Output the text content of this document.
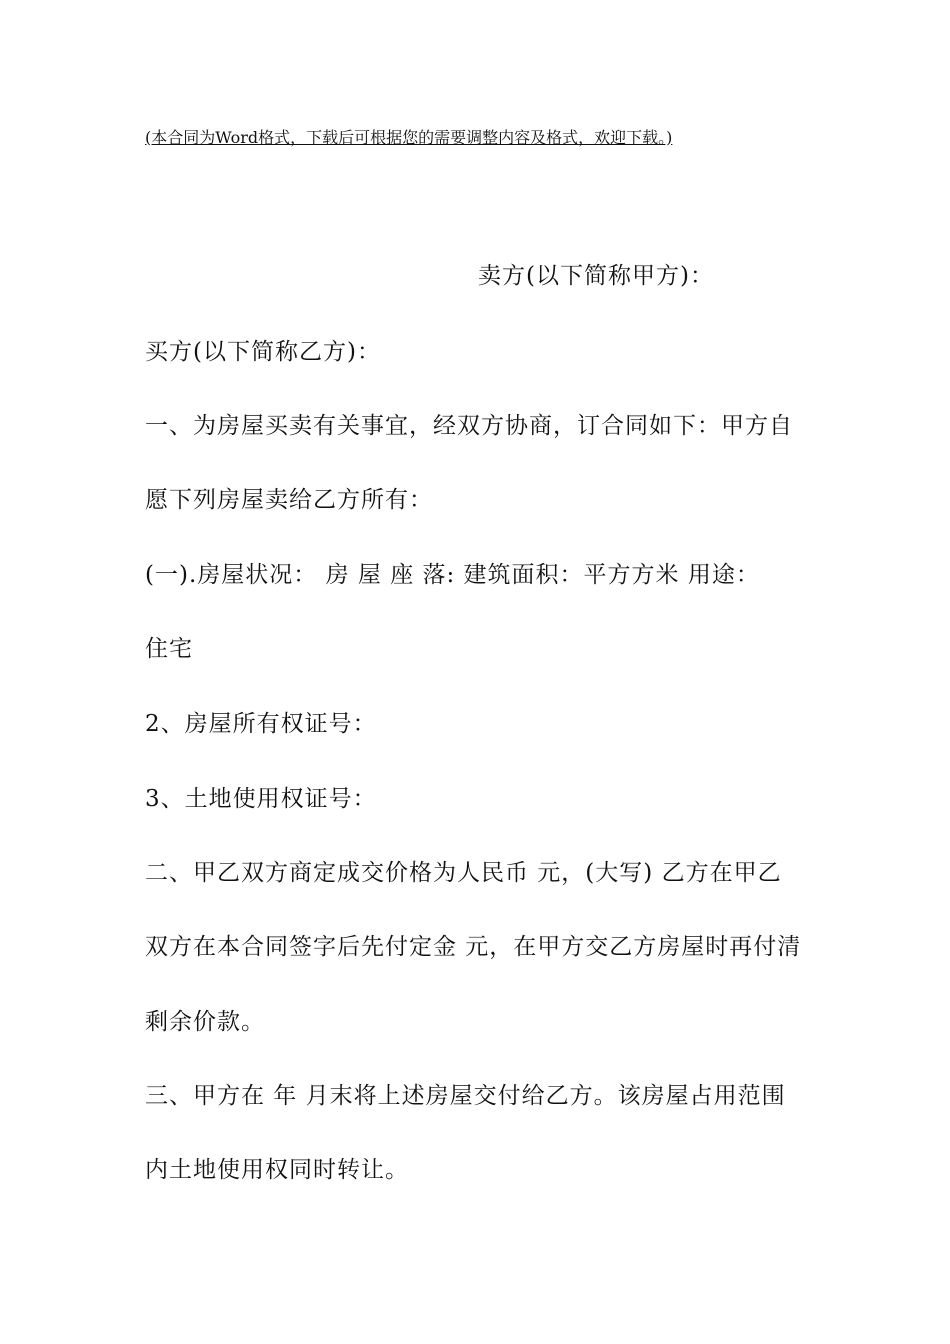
(本合同为Word格式，下载后可根据您的需要调整内容及格式，欢迎下载。)
卖方(以下简称甲方)：
买方(以下简称乙方)：
一、为房屋买卖有关事宜，经双方协商，订合同如下：甲方自
愿下列房屋卖给乙方所有：
(一).房屋状况： 房 屋 座 落: 建筑面积：平方方米 用途：
住宅
2、房屋所有权证号：
3、土地使用权证号：
二、甲乙双方商定成交价格为人民币 元，(大写) 乙方在甲乙
双方在本合同签字后先付定金 元，在甲方交乙方房屋时再付清
剩余价款。
三、甲方在 年 月末将上述房屋交付给乙方。该房屋占用范围
内土地使用权同时转让。
